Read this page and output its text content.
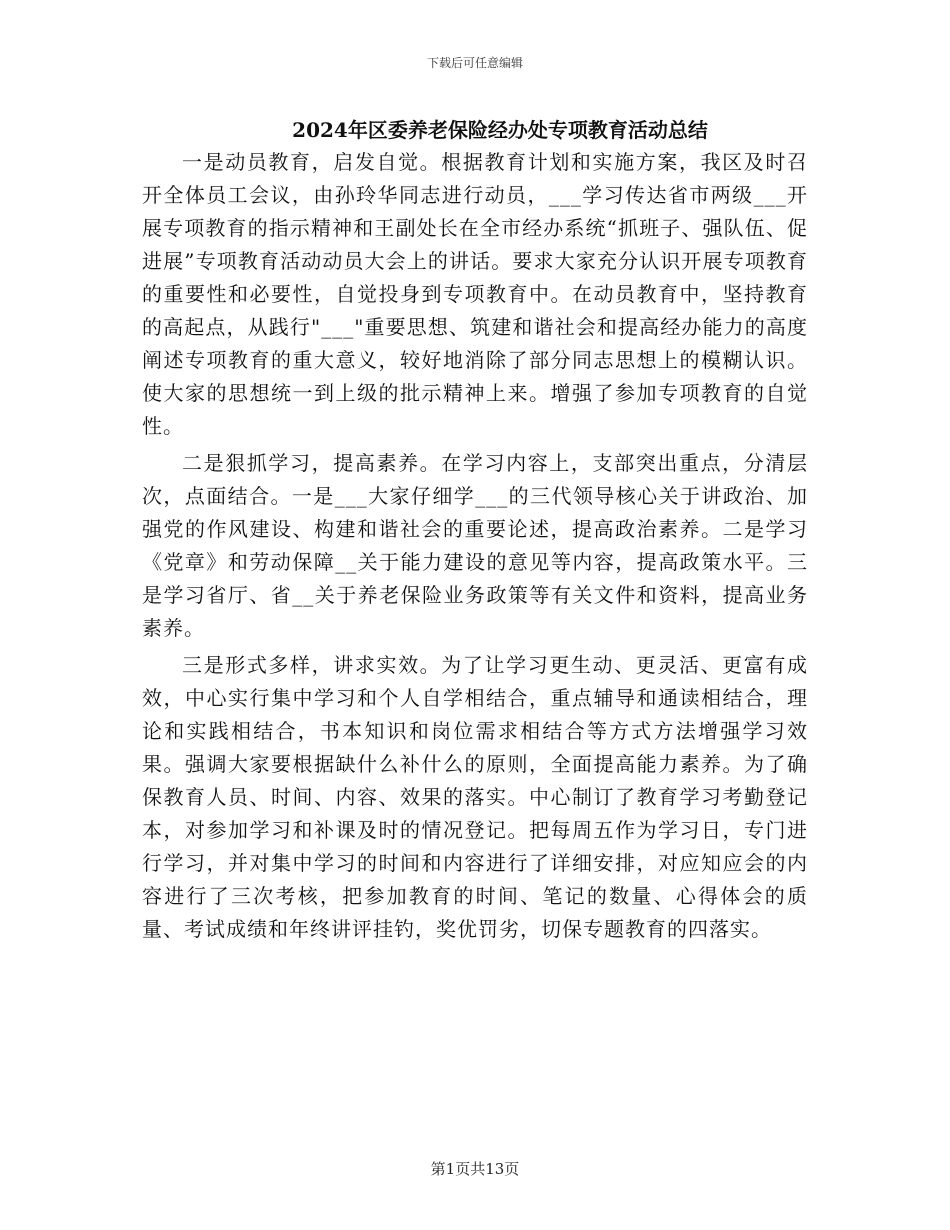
下载后可任意编辑
2024年区委养老保险经办处专项教育活动总结

一是动员教育，启发自觉。根据教育计划和实施方案，我区及时召开全体员工会议，由孙玲华同志进行动员，___学习传达省市两级___开展专项教育的指示精神和王副处长在全市经办系统“抓班子、强队伍、促进展”专项教育活动动员大会上的讲话。要求大家充分认识开展专项教育的重要性和必要性，自觉投身到专项教育中。在动员教育中，坚持教育的高起点，从践行"___"重要思想、筑建和谐社会和提高经办能力的高度阐述专项教育的重大意义，较好地消除了部分同志思想上的模糊认识。使大家的思想统一到上级的批示精神上来。增强了参加专项教育的自觉性。

二是狠抓学习，提高素养。在学习内容上，支部突出重点，分清层次，点面结合。一是___大家仔细学___的三代领导核心关于讲政治、加强党的作风建设、构建和谐社会的重要论述，提高政治素养。二是学习《党章》和劳动保障__关于能力建设的意见等内容，提高政策水平。三是学习省厅、省__关于养老保险业务政策等有关文件和资料，提高业务素养。

三是形式多样，讲求实效。为了让学习更生动、更灵活、更富有成效，中心实行集中学习和个人自学相结合，重点辅导和通读相结合，理论和实践相结合，书本知识和岗位需求相结合等方式方法增强学习效果。强调大家要根据缺什么补什么的原则，全面提高能力素养。为了确保教育人员、时间、内容、效果的落实。中心制订了教育学习考勤登记本，对参加学习和补课及时的情况登记。把每周五作为学习日，专门进行学习，并对集中学习的时间和内容进行了详细安排，对应知应会的内容进行了三次考核，把参加教育的时间、笔记的数量、心得体会的质量、考试成绩和年终讲评挂钓，奖优罚劣，切保专题教育的四落实。

第1页共13页
